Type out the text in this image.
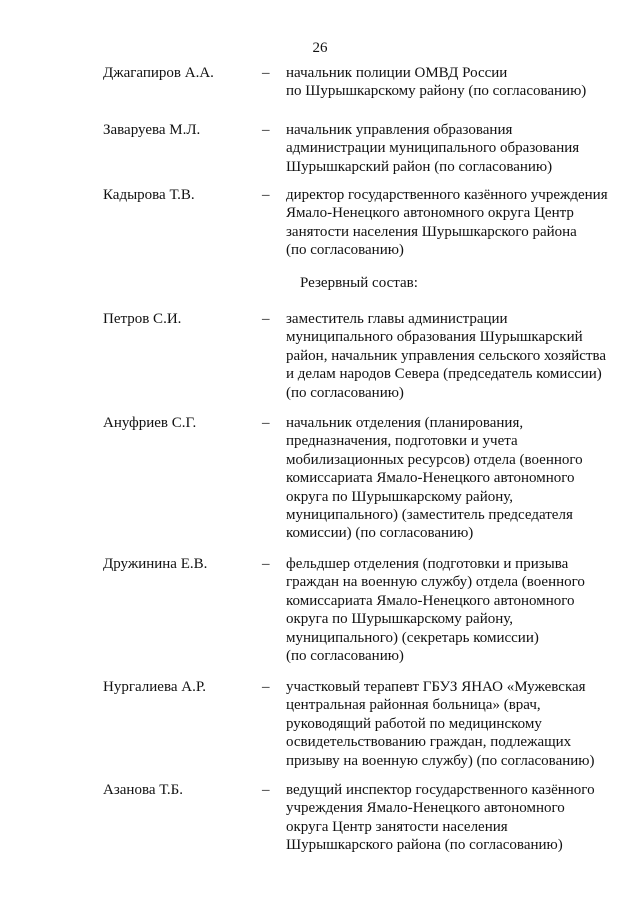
26
Джагапиров А.А.	– начальник полиции ОМВД России
по Шурышкарскому району (по согласованию)
Заваруева М.Л.	– начальник управления образования
администрации муниципального образования
Шурышкарский район (по согласованию)
Кадырова Т.В.	– директор государственного казённого учреждения
Ямало-Ненецкого автономного округа Центр
занятости населения Шурышкарского района
(по согласованию)
Резервный состав:
Петров С.И.	– заместитель главы администрации
муниципального образования Шурышкарский
район, начальник управления сельского хозяйства
и делам народов Севера (председатель комиссии)
(по согласованию)
Ануфриев С.Г.	– начальник отделения (планирования,
предназначения, подготовки и учета
мобилизационных ресурсов) отдела (военного
комиссариата Ямало-Ненецкого автономного
округа по Шурышкарскому району,
муниципального) (заместитель председателя
комиссии) (по согласованию)
Дружинина Е.В.	– фельдшер отделения (подготовки и призыва
граждан на военную службу) отдела (военного
комиссариата Ямало-Ненецкого автономного
округа по Шурышкарскому району,
муниципального) (секретарь комиссии)
(по согласованию)
Нургалиева А.Р.	– участковый терапевт ГБУЗ ЯНАО «Мужевская
центральная районная больница» (врач,
руководящий работой по медицинскому
освидетельствованию граждан, подлежащих
призыву на военную службу) (по согласованию)
Азанова Т.Б.	– ведущий инспектор государственного казённого
учреждения Ямало-Ненецкого автономного
округа Центр занятости населения
Шурышкарского района (по согласованию)
